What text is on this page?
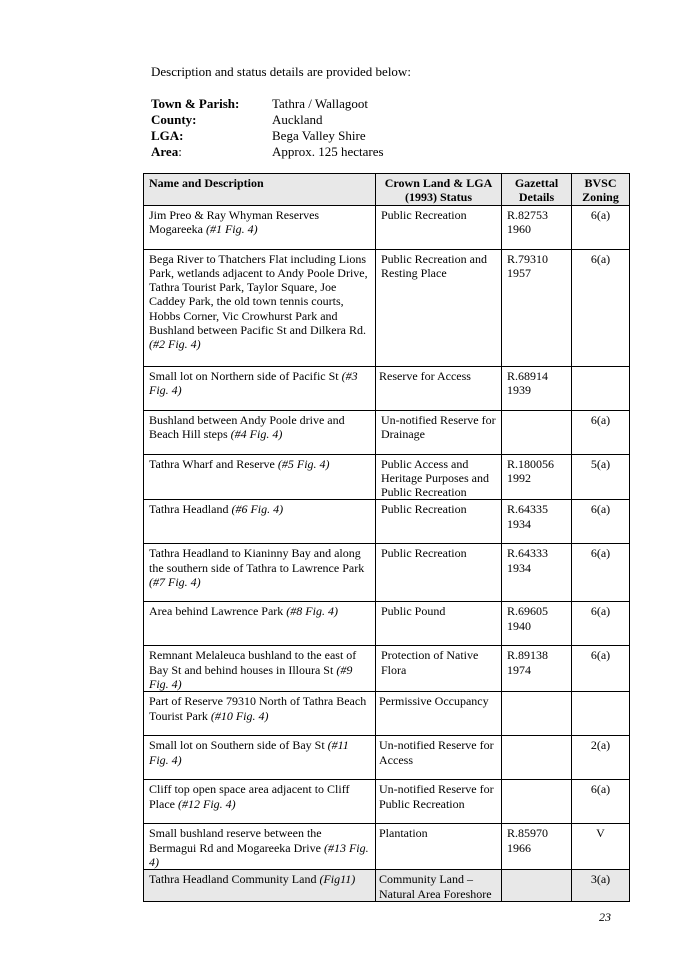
Description and status details are provided below:
Town & Parish:	Tathra / Wallagoot
County:	Auckland
LGA:	Bega Valley Shire
Area:	Approx. 125 hectares
Name and Description	Crown Land & LGA (1993) Status	Gazettal Details	BVSC Zoning
Jim Preo & Ray Whyman Reserves Mogareeka (#1 Fig. 4)	Public Recreation	R.82753 1960	6(a)
Bega River to Thatchers Flat including Lions Park, wetlands adjacent to Andy Poole Drive, Tathra Tourist Park, Taylor Square, Joe Caddey Park, the old town tennis courts, Hobbs Corner, Vic Crowhurst Park and Bushland between Pacific St and Dilkera Rd. (#2 Fig. 4)	Public Recreation and Resting Place	R.79310 1957	6(a)
Small lot on Northern side of Pacific St (#3 Fig. 4)	Reserve for Access	R.68914 1939	
Bushland between Andy Poole drive and Beach Hill steps (#4 Fig. 4)	Un-notified Reserve for Drainage		6(a)
Tathra Wharf and Reserve (#5 Fig. 4)	Public Access and Heritage Purposes and Public Recreation	R.180056 1992	5(a)
Tathra Headland (#6 Fig. 4)	Public Recreation	R.64335 1934	6(a)
Tathra Headland to Kianinny Bay and along the southern side of Tathra to Lawrence Park (#7 Fig. 4)	Public Recreation	R.64333 1934	6(a)
Area behind Lawrence Park (#8 Fig. 4)	Public Pound	R.69605 1940	6(a)
Remnant Melaleuca bushland to the east of Bay St and behind houses in Illoura St (#9 Fig. 4)	Protection of Native Flora	R.89138 1974	6(a)
Part of Reserve 79310 North of Tathra Beach Tourist Park (#10 Fig. 4)	Permissive Occupancy		
Small lot on Southern side of Bay St (#11 Fig. 4)	Un-notified Reserve for Access		2(a)
Cliff top open space area adjacent to Cliff Place (#12 Fig. 4)	Un-notified Reserve for Public Recreation		6(a)
Small bushland reserve between the Bermagui Rd and Mogareeka Drive (#13 Fig. 4)	Plantation	R.85970 1966	V
Tathra Headland Community Land (Fig11)	Community Land – Natural Area Foreshore		3(a)
23
